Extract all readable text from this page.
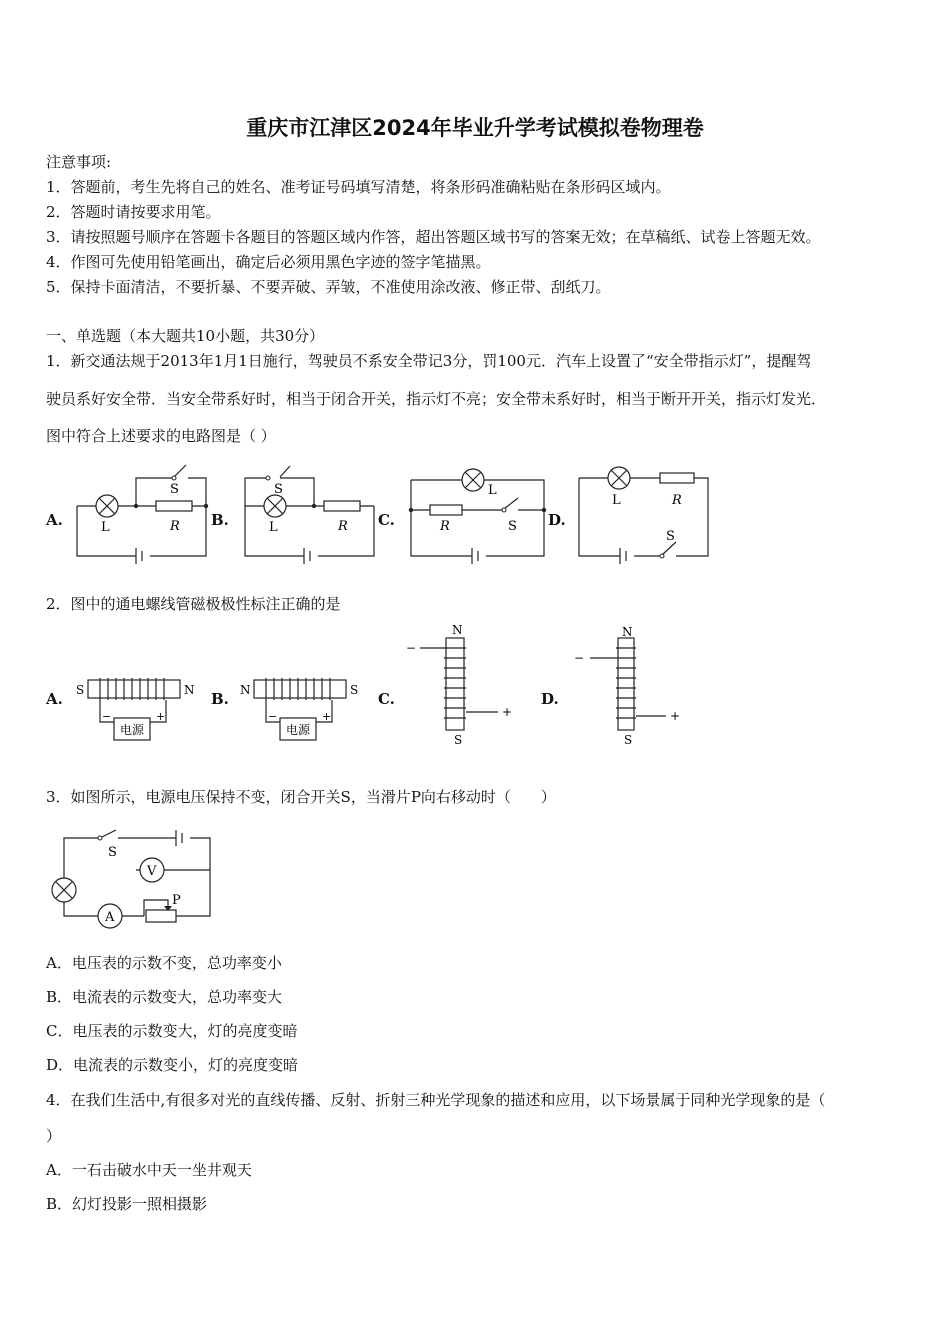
重庆市江津区2024年毕业升学考试模拟卷物理卷
注意事项:
1．答题前，考生先将自己的姓名、准考证号码填写清楚，将条形码准确粘贴在条形码区域内。
2．答题时请按要求用笔。
3．请按照题号顺序在答题卡各题目的答题区域内作答，超出答题区域书写的答案无效；在草稿纸、试卷上答题无效。
4．作图可先使用铅笔画出，确定后必须用黑色字迹的签字笔描黑。
5．保持卡面清洁，不要折暴、不要弄破、弄皱，不准使用涂改液、修正带、刮纸刀。
一、单选题（本大题共10小题，共30分）
1．新交通法规于2013年1月1日施行，驾驶员不系安全带记3分，罚100元．汽车上设置了“安全带指示灯”，提醒驾
驶员系好安全带．当安全带系好时，相当于闭合开关，指示灯不亮；安全带未系好时，相当于断开开关，指示灯发光．
图中符合上述要求的电路图是（ ）
A.	B.	C.	D.
L	R
S
L	R
S	L
R	S
L	R
S
2．图中的通电螺线管磁极极性标注正确的是
A.	B.	C.	D.
S	N
电源
−	+
N	S
电源
−	+
N
S
−
+
N
S
−
+
3．如图所示，电源电压保持不变，闭合开关S，当滑片P向右移动时（　　）
S
V
A
P
A．电压表的示数不变，总功率变小
B．电流表的示数变大，总功率变大
C．电压表的示数变大，灯的亮度变暗
D．电流表的示数变小，灯的亮度变暗
4．在我们生活中,有很多对光的直线传播、反射、折射三种光学现象的描述和应用，以下场景属于同种光学现象的是（
）
A．一石击破水中天一坐井观天
B．幻灯投影一照相摄影
